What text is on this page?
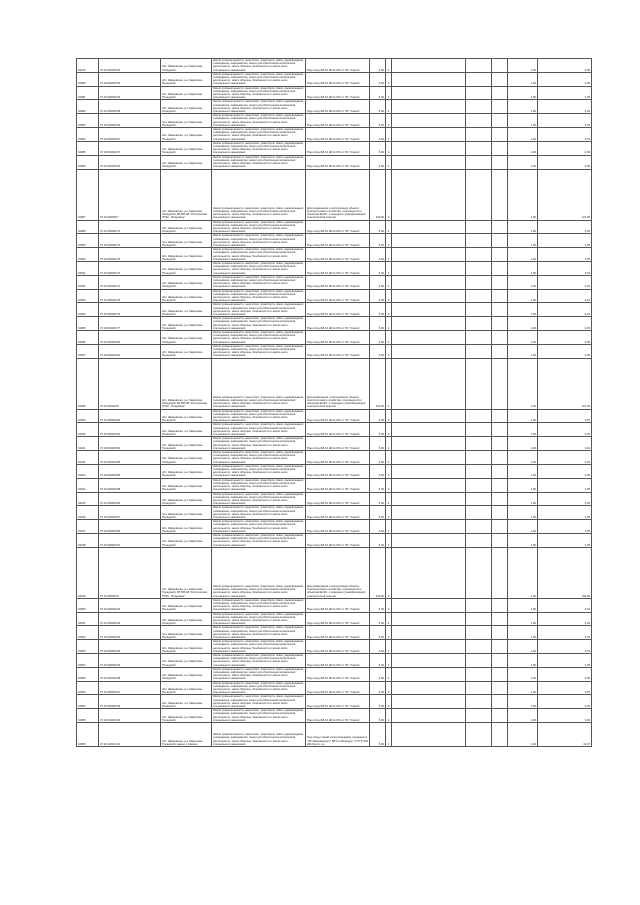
64079	37:16:000000:62	обл. Ивановская, р-н Гаврилово-Посадский	Земли промышленности, энергетики, транспорта, связи, радиовещания, телевидения, информатики, земли для обеспечения космической деятельности, земли обороны, безопасности и земли иного специального назначения	Под опору ВЛ-10 кВ № 150 от ПС "Совхоз"	5,00	4				1,00	0,05
64080	37:16:000000:65	обл. Ивановская, р-н Гаврилово-Посадский	Земли промышленности, энергетики, транспорта, связи, радиовещания, телевидения, информатики, земли для обеспечения космической деятельности, земли обороны, безопасности и земли иного специального назначения	Под опору ВЛ-10 кВ № 150 от ПС "Совхоз"	5,00	4				1,00	0,05
64081	37:16:000000:66	обл. Ивановская, р-н Гаврилово-Посадский	Земли промышленности, энергетики, транспорта, связи, радиовещания, телевидения, информатики, земли для обеспечения космической деятельности, земли обороны, безопасности и земли иного специального назначения	Под опору ВЛ-10 кВ № 150 от ПС "Совхоз"	5,00	4				1,00	0,05
64082	37:16:000000:68	обл. Ивановская, р-н Гаврилово-Посадский	Земли промышленности, энергетики, транспорта, связи, радиовещания, телевидения, информатики, земли для обеспечения космической деятельности, земли обороны, безопасности и земли иного специального назначения	Под опору ВЛ-10 кВ № 150 от ПС "Совхоз"	5,00	4				1,00	0,04
64083	37:16:000000:69	обл. Ивановская, р-н Гаврилово-Посадский	Земли промышленности, энергетики, транспорта, связи, радиовещания, телевидения, информатики, земли для обеспечения космической деятельности, земли обороны, безопасности и земли иного специального назначения	Под опору ВЛ-10 кВ № 150 от ПС "Совхоз"	5,00	4				1,00	0,04
64084	37:16:000000:67	обл. Ивановская, р-н Гаврилово-Посадский	Земли промышленности, энергетики, транспорта, связи, радиовещания, телевидения, информатики, земли для обеспечения космической деятельности, земли обороны, безопасности и земли иного специального назначения	Под опору ВЛ-10 кВ № 150 от ПС "Совхоз"	5,00	4				1,00	0,04
64085	37:16:000000:70	обл. Ивановская, р-н Гаврилово-Посадский	Земли промышленности, энергетики, транспорта, связи, радиовещания, телевидения, информатики, земли для обеспечения космической деятельности, земли обороны, безопасности и земли иного специального назначения	Под опору ВЛ-10 кВ № 150 от ПС "Совхоз"	5,00	4				1,00	0,05
64086	37:16:000000:64	обл. Ивановская, р-н Гаврилово-Посадский	Земли промышленности, энергетики, транспорта, связи, радиовещания, телевидения, информатики, земли для обеспечения космической деятельности, земли обороны, безопасности и земли иного специального назначения	Под опору ВЛ-10 кВ № 150 от ПС "Совхоз"	5,00	4				1,00	0,05
64087	37:16:000000:7	обл. Ивановская, р-н Гаврилово-Посадский, ВЛ 500 кВ "Костромская ГРЭС - Владимир"	Земли промышленности, энергетики, транспорта, связи, радиовещания, телевидения, информатики, земли для обеспечения космической деятельности, земли обороны, безопасности и земли иного специального назначения	Для размещения и эксплуатации объекта электросетевого хозяйства, относящегося к объектам ЕНЭС, и передачи (трансформации) электрической энергии	100,00	4				1,00	121,00
64088	37:16:000000:72	обл. Ивановская, р-н Гаврилово-Посадский	Земли промышленности, энергетики, транспорта, связи, радиовещания, телевидения, информатики, земли для обеспечения космической деятельности, земли обороны, безопасности и земли иного специального назначения	Под опору ВЛ-10 кВ № 150 от ПС "Совхоз"	5,00	4				1,00	0,05
64089	37:16:000000:73	обл. Ивановская, р-н Гаврилово-Посадский	Земли промышленности, энергетики, транспорта, связи, радиовещания, телевидения, информатики, земли для обеспечения космической деятельности, земли обороны, безопасности и земли иного специального назначения	Под опору ВЛ-10 кВ № 150 от ПС "Совхоз"	5,00	4				1,00	0,05
64090	37:16:000000:75	обл. Ивановская, р-н Гаврилово-Посадский	Земли промышленности, энергетики, транспорта, связи, радиовещания, телевидения, информатики, земли для обеспечения космической деятельности, земли обороны, безопасности и земли иного специального назначения	Под опору ВЛ-10 кВ № 150 от ПС "Совхоз"	5,00	4				1,00	0,05
64091	37:16:000000:76	обл. Ивановская, р-н Гаврилово-Посадский	Земли промышленности, энергетики, транспорта, связи, радиовещания, телевидения, информатики, земли для обеспечения космической деятельности, земли обороны, безопасности и земли иного специального назначения	Под опору ВЛ-10 кВ № 150 от ПС "Совхоз"	5,00	4				1,00	0,04
64092	37:16:000000:74	обл. Ивановская, р-н Гаврилово-Посадский	Земли промышленности, энергетики, транспорта, связи, радиовещания, телевидения, информатики, земли для обеспечения космической деятельности, земли обороны, безопасности и земли иного специального назначения	Под опору ВЛ-10 кВ № 150 от ПС "Совхоз"	5,00	4				1,00	0,04
64093	37:16:000000:78	обл. Ивановская, р-н Гаврилово-Посадский	Земли промышленности, энергетики, транспорта, связи, радиовещания, телевидения, информатики, земли для обеспечения космической деятельности, земли обороны, безопасности и земли иного специального назначения	Под опору ВЛ-10 кВ № 150 от ПС "Совхоз"	5,00	4				1,00	0,04
64094	37:16:000000:79	обл. Ивановская, р-н Гаврилово-Посадский	Земли промышленности, энергетики, транспорта, связи, радиовещания, телевидения, информатики, земли для обеспечения космической деятельности, земли обороны, безопасности и земли иного специального назначения	Под опору ВЛ-10 кВ № 150 от ПС "Совхоз"	5,00	4				1,00	0,04
64095	37:16:000000:77	обл. Ивановская, р-н Гаврилово-Посадский	Земли промышленности, энергетики, транспорта, связи, радиовещания, телевидения, информатики, земли для обеспечения космической деятельности, земли обороны, безопасности и земли иного специального назначения	Под опору ВЛ-10 кВ № 150 от ПС "Совхоз"	5,00	4				1,00	0,05
64096	37:16:000000:80	обл. Ивановская, р-н Гаврилово-Посадский	Земли промышленности, энергетики, транспорта, связи, радиовещания, телевидения, информатики, земли для обеспечения космической деятельности, земли обороны, безопасности и земли иного специального назначения	Под опору ВЛ-10 кВ № 150 от ПС "Совхоз"	5,00	4				1,00	0,05
64097	37:16:000000:81	обл. Ивановская, р-н Гаврилово-Посадский	Земли промышленности, энергетики, транспорта, связи, радиовещания, телевидения, информатики, земли для обеспечения космической деятельности, земли обороны, безопасности и земли иного специального назначения	Под опору ВЛ-10 кВ № 150 от ПС "Совхоз"	5,00	4				1,00	0,05
64098	37:16:000000:8	обл. Ивановская, р-н Гаврилово-Посадский, ВЛ 500 кВ "Костромская ГРЭС - Владимир"	Земли промышленности, энергетики, транспорта, связи, радиовещания, телевидения, информатики, земли для обеспечения космической деятельности, земли обороны, безопасности и земли иного специального назначения	Для размещения и эксплуатации объекта электросетевого хозяйства, относящегося к объектам ЕНЭС, и передачи (трансформации) электрической энергии	100,00	4				1,00	121,00
64099	37:16:000000:83	обл. Ивановская, р-н Гаврилово-Посадский	Земли промышленности, энергетики, транспорта, связи, радиовещания, телевидения, информатики, земли для обеспечения космической деятельности, земли обороны, безопасности и земли иного специального назначения	Под опору ВЛ-10 кВ № 150 от ПС "Совхоз"	5,00	4				1,00	0,05
64040	37:16:000000:84	обл. Ивановская, р-н Гаврилово-Посадский	Земли промышленности, энергетики, транспорта, связи, радиовещания, телевидения, информатики, земли для обеспечения космической деятельности, земли обороны, безопасности и земли иного специального назначения	Под опору ВЛ-10 кВ № 150 от ПС "Совхоз"	5,00	4				1,00	0,05
64041	37:16:000000:82	обл. Ивановская, р-н Гаврилово-Посадский	Земли промышленности, энергетики, транспорта, связи, радиовещания, телевидения, информатики, земли для обеспечения космической деятельности, земли обороны, безопасности и земли иного специального назначения	Под опору ВЛ-10 кВ № 150 от ПС "Совхоз"	5,00	4				1,00	0,04
64042	37:16:000000:85	обл. Ивановская, р-н Гаврилово-Посадский	Земли промышленности, энергетики, транспорта, связи, радиовещания, телевидения, информатики, земли для обеспечения космической деятельности, земли обороны, безопасности и земли иного специального назначения	Под опору ВЛ-10 кВ № 150 от ПС "Совхоз"	5,00	4				1,00	0,04
64043	37:16:000000:86	обл. Ивановская, р-н Гаврилово-Посадский	Земли промышленности, энергетики, транспорта, связи, радиовещания, телевидения, информатики, земли для обеспечения космической деятельности, земли обороны, безопасности и земли иного специального назначения	Под опору ВЛ-10 кВ № 150 от ПС "Совхоз"	5,00	4				1,00	0,05
64044	37:16:000000:88	обл. Ивановская, р-н Гаврилово-Посадский	Земли промышленности, энергетики, транспорта, связи, радиовещания, телевидения, информатики, земли для обеспечения космической деятельности, земли обороны, безопасности и земли иного специального назначения	Под опору ВЛ-10 кВ № 150 от ПС "Совхоз"	5,00	4				1,00	0,05
64045	37:16:000000:90	обл. Ивановская, р-н Гаврилово-Посадский	Земли промышленности, энергетики, транспорта, связи, радиовещания, телевидения, информатики, земли для обеспечения космической деятельности, земли обороны, безопасности и земли иного специального назначения	Под опору ВЛ-10 кВ № 150 от ПС "Совхоз"	5,00	4				1,00	0,05
64046	37:16:000000:87	обл. Ивановская, р-н Гаврилово-Посадский	Земли промышленности, энергетики, транспорта, связи, радиовещания, телевидения, информатики, земли для обеспечения космической деятельности, земли обороны, безопасности и земли иного специального назначения	Под опору ВЛ-10 кВ № 150 от ПС "Совхоз"	5,00	4				1,00	0,05
64047	37:16:000000:89	обл. Ивановская, р-н Гаврилово-Посадский	Земли промышленности, энергетики, транспорта, связи, радиовещания, телевидения, информатики, земли для обеспечения космической деятельности, земли обороны, безопасности и земли иного специального назначения	Под опору ВЛ-10 кВ № 150 от ПС "Совхоз"	5,00	4				1,00	0,05
64048	37:16:000000:91	обл. Ивановская, р-н Гаврилово-Посадский	Земли промышленности, энергетики, транспорта, связи, радиовещания, телевидения, информатики, земли для обеспечения космической деятельности, земли обороны, безопасности и земли иного специального назначения	Под опору ВЛ-10 кВ № 150 от ПС "Совхоз"	5,00	4				1,00	0,05
64049	37:16:000000:9	обл. Ивановская, р-н Гаврилово-Посадский, ВЛ 500 кВ "Костромская ГРЭС - Владимир"	Земли промышленности, энергетики, транспорта, связи, радиовещания, телевидения, информатики, земли для обеспечения космической деятельности, земли обороны, безопасности и земли иного специального назначения	Для размещения и эксплуатации объекта электросетевого хозяйства, относящегося к объектам ЕНЭС, и передачи (трансформации) электрической энергии	160,00	4				1,00	193,60
64050	37:16:000000:93	обл. Ивановская, р-н Гаврилово-Посадский	Земли промышленности, энергетики, транспорта, связи, радиовещания, телевидения, информатики, земли для обеспечения космической деятельности, земли обороны, безопасности и земли иного специального назначения	Под опору ВЛ-10 кВ № 150 от ПС "Совхоз"	5,00	4				1,00	0,04
64051	37:16:000000:94	обл. Ивановская, р-н Гаврилово-Посадский	Земли промышленности, энергетики, транспорта, связи, радиовещания, телевидения, информатики, земли для обеспечения космической деятельности, земли обороны, безопасности и земли иного специального назначения	Под опору ВЛ-10 кВ № 150 от ПС "Совхоз"	5,00	4				1,00	0,04
64052	37:16:000000:92	обл. Ивановская, р-н Гаврилово-Посадский	Земли промышленности, энергетики, транспорта, связи, радиовещания, телевидения, информатики, земли для обеспечения космической деятельности, земли обороны, безопасности и земли иного специального назначения	Под опору ВЛ-10 кВ № 150 от ПС "Совхоз"	5,00	4				1,00	0,04
64053	37:16:000000:95	обл. Ивановская, р-н Гаврилово-Посадский	Земли промышленности, энергетики, транспорта, связи, радиовещания, телевидения, информатики, земли для обеспечения космической деятельности, земли обороны, безопасности и земли иного специального назначения	Под опору ВЛ-10 кВ № 150 от ПС "Совхоз"	5,00	4				1,00	0,04
64054	37:16:000000:96	обл. Ивановская, р-н Гаврилово-Посадский	Земли промышленности, энергетики, транспорта, связи, радиовещания, телевидения, информатики, земли для обеспечения космической деятельности, земли обороны, безопасности и земли иного специального назначения	Под опору ВЛ-10 кВ № 150 от ПС "Совхоз"	5,00	4				1,00	0,05
64055	37:16:000000:98	обл. Ивановская, р-н Гаврилово-Посадский	Земли промышленности, энергетики, транспорта, связи, радиовещания, телевидения, информатики, земли для обеспечения космической деятельности, земли обороны, безопасности и земли иного специального назначения	Под опору ВЛ-10 кВ № 150 от ПС "Совхоз"	5,00	4				1,00	0,05
64056	37:16:000000:97	обл. Ивановская, р-н Гаврилово-Посадский	Земли промышленности, энергетики, транспорта, связи, радиовещания, телевидения, информатики, земли для обеспечения космической деятельности, земли обороны, безопасности и земли иного специального назначения	Под опору ВЛ-10 кВ № 150 от ПС "Совхоз"	5,00	4				1,00	0,05
64057	37:16:000000:99	обл. Ивановская, р-н Гаврилово-Посадский	Земли промышленности, энергетики, транспорта, связи, радиовещания, телевидения, информатики, земли для обеспечения космической деятельности, земли обороны, безопасности и земли иного специального назначения	Под опору ВЛ-10 кВ № 150 от ПС "Совхоз"	5,00	4				1,00	0,05
64058	37:16:040000:40	обл. Ивановская, р-н Гаврилово-Посадский	Земли промышленности, энергетики, транспорта, связи, радиовещания, телевидения, информатики, земли для обеспечения космической деятельности, земли обороны, безопасности и земли иного специального назначения	Под опору ВЛ-10 кВ № 150 от ПС "Совхоз"	5,00	4				1,00	0,06
64059	37:16:100101:10	обл. Ивановская, р-н Гаврилово-Посадский, южнее с.Санино	Земли промышленности, энергетики, транспорта, связи, радиовещания, телевидения, информатики, земли для обеспечения космической деятельности, земли обороны, безопасности и земли иного специального назначения	Под опоры линий электропередачи, входящих в "ЭС Ивановэнерго" ВЛ-0,4 кВ фидер "1" КТП 400 кВА №4 от н.п.	5,00	4				0,04	10,07
